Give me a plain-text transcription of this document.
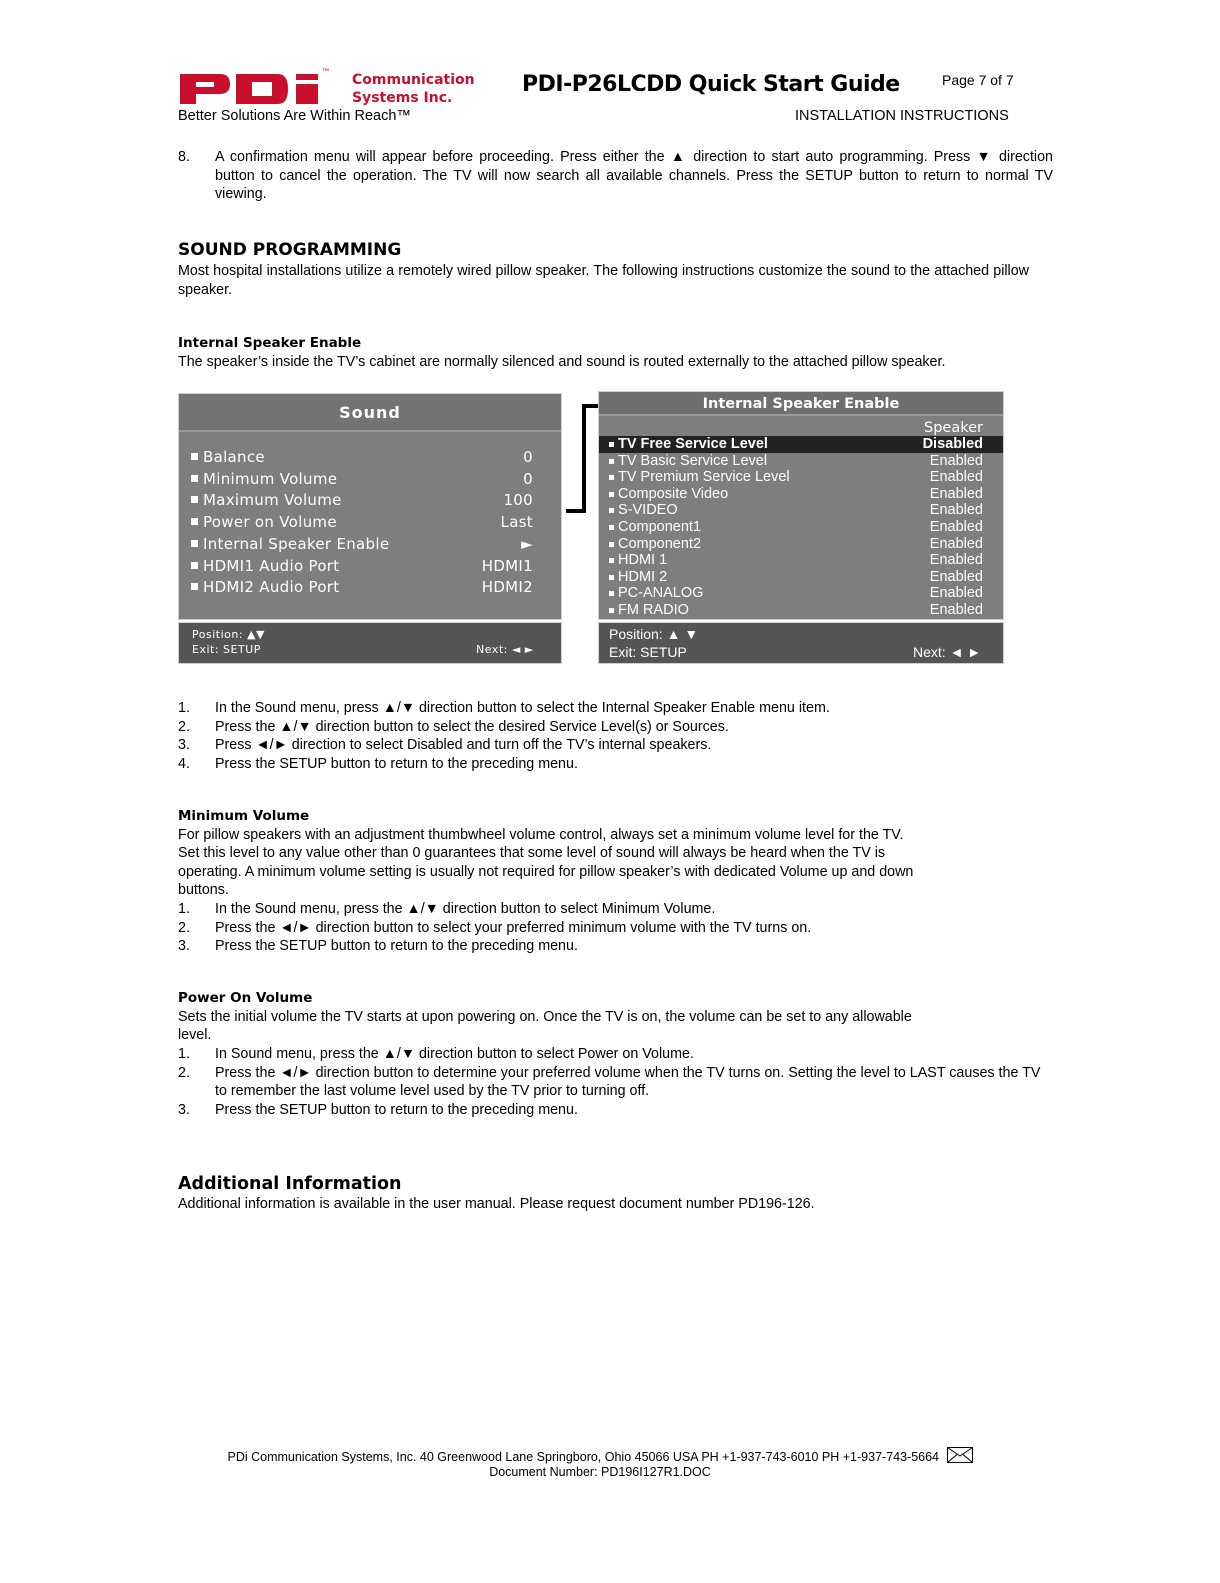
™
Communication
Systems Inc.
PDI-P26LCDD Quick Start Guide	Page 7 of 7
Better Solutions Are Within Reach™	INSTALLATION INSTRUCTIONS
8. A confirmation menu will appear before proceeding. Press either the ▲ direction to start auto programming. Press ▼ direction button to cancel the operation. The TV will now search all available channels. Press the SETUP button to return to normal TV viewing.
SOUND PROGRAMMING
Most hospital installations utilize a remotely wired pillow speaker. The following instructions customize the sound to the attached pillow speaker.
Internal Speaker Enable
The speaker’s inside the TV’s cabinet are normally silenced and sound is routed externally to the attached pillow speaker.
Sound
Balance	0
Minimum Volume	0
Maximum Volume	100
Power on Volume	Last
Internal Speaker Enable	►
HDMI1 Audio Port	HDMI1
HDMI2 Audio Port	HDMI2
Position: ▲▼
Exit: SETUP	Next: ◄ ►
Internal Speaker Enable
Speaker
TV Free Service Level	Disabled
TV Basic Service Level	Enabled
TV Premium Service Level	Enabled
Composite Video	Enabled
S-VIDEO	Enabled
Component1	Enabled
Component2	Enabled
HDMI 1	Enabled
HDMI 2	Enabled
PC-ANALOG	Enabled
FM RADIO	Enabled
Position: ▲ ▼
Exit: SETUP	Next: ◄ ►
1. In the Sound menu, press ▲/▼ direction button to select the Internal Speaker Enable menu item.
2. Press the ▲/▼ direction button to select the desired Service Level(s) or Sources.
3. Press ◄/► direction to select Disabled and turn off the TV’s internal speakers.
4. Press the SETUP button to return to the preceding menu.
Minimum Volume
For pillow speakers with an adjustment thumbwheel volume control, always set a minimum volume level for the TV.
Set this level to any value other than 0 guarantees that some level of sound will always be heard when the TV is
operating. A minimum volume setting is usually not required for pillow speaker’s with dedicated Volume up and down
buttons.
1. In the Sound menu, press the ▲/▼ direction button to select Minimum Volume.
2. Press the ◄/► direction button to select your preferred minimum volume with the TV turns on.
3. Press the SETUP button to return to the preceding menu.
Power On Volume
Sets the initial volume the TV starts at upon powering on. Once the TV is on, the volume can be set to any allowable
level.
1. In Sound menu, press the ▲/▼ direction button to select Power on Volume.
2. Press the ◄/► direction button to determine your preferred volume when the TV turns on. Setting the level to LAST causes the TV to remember the last volume level used by the TV prior to turning off.
3. Press the SETUP button to return to the preceding menu.
Additional Information
Additional information is available in the user manual. Please request document number PD196-126.
PDi Communication Systems, Inc. 40 Greenwood Lane Springboro, Ohio 45066 USA PH +1-937-743-6010 PH +1-937-743-5664
Document Number: PD196I127R1.DOC
